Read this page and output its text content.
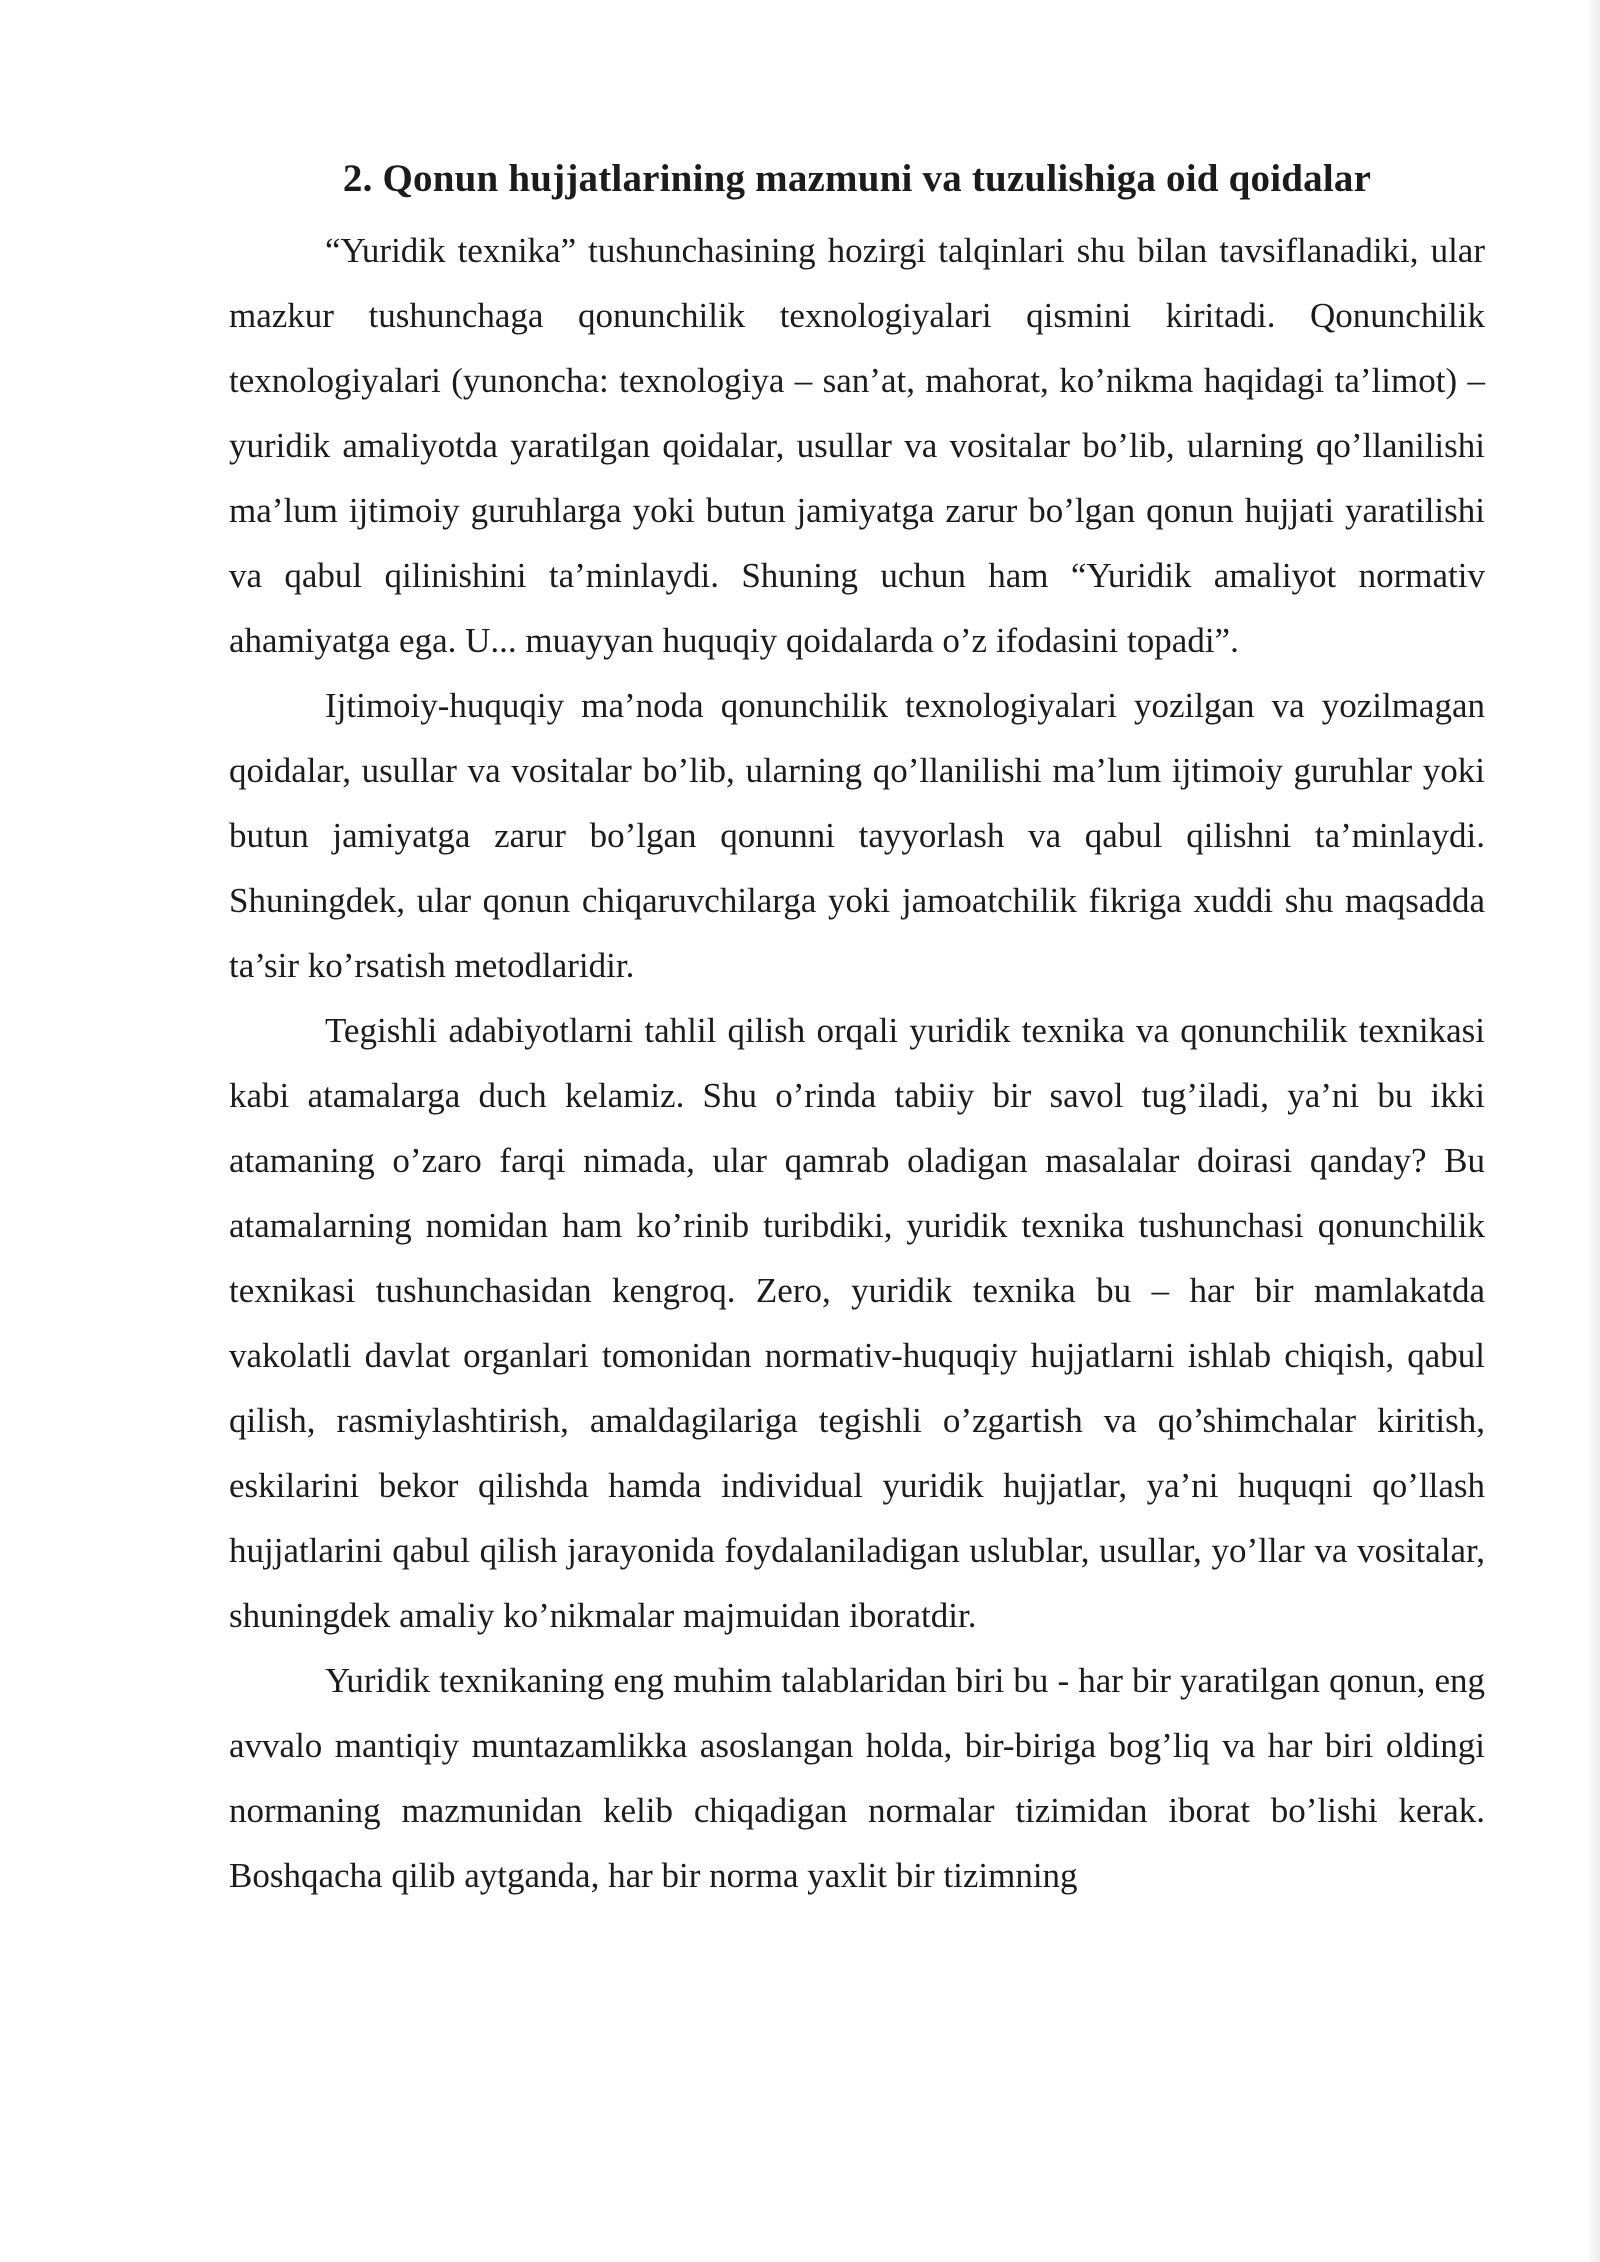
2. Qonun hujjatlarining mazmuni va tuzulishiga oid qoidalar

“Yuridik texnika” tushunchasining hozirgi talqinlari shu bilan tavsiflanadiki, ular mazkur tushunchaga qonunchilik texnologiyalari qismini kiritadi. Qonunchilik texnologiyalari (yunoncha: texnologiya – san’at, mahorat, ko’nikma haqidagi ta’limot) – yuridik amaliyotda yaratilgan qoidalar, usullar va vositalar bo’lib, ularning qo’llanilishi ma’lum ijtimoiy guruhlarga yoki butun jamiyatga zarur bo’lgan qonun hujjati yaratilishi va qabul qilinishini ta’minlaydi. Shuning uchun ham “Yuridik amaliyot normativ ahamiyatga ega. U... muayyan huquqiy qoidalarda o’z ifodasini topadi”.

Ijtimoiy-huquqiy ma’noda qonunchilik texnologiyalari yozilgan va yozilmagan qoidalar, usullar va vositalar bo’lib, ularning qo’llanilishi ma’lum ijtimoiy guruhlar yoki butun jamiyatga zarur bo’lgan qonunni tayyorlash va qabul qilishni ta’minlaydi. Shuningdek, ular qonun chiqaruvchilarga yoki jamoatchilik fikriga xuddi shu maqsadda ta’sir ko’rsatish metodlaridir.

Tegishli adabiyotlarni tahlil qilish orqali yuridik texnika va qonunchilik texnikasi kabi atamalarga duch kelamiz. Shu o’rinda tabiiy bir savol tug’iladi, ya’ni bu ikki atamaning o’zaro farqi nimada, ular qamrab oladigan masalalar doirasi qanday? Bu atamalarning nomidan ham ko’rinib turibdiki, yuridik texnika tushunchasi qonunchilik texnikasi tushunchasidan kengroq. Zero, yuridik texnika bu – har bir mamlakatda vakolatli davlat organlari tomonidan normativ-huquqiy hujjatlarni ishlab chiqish, qabul qilish, rasmiylashtirish, amaldagilariga tegishli o’zgartish va qo’shimchalar kiritish, eskilarini bekor qilishda hamda individual yuridik hujjatlar, ya’ni huquqni qo’llash hujjatlarini qabul qilish jarayonida foydalaniladigan uslublar, usullar, yo’llar va vositalar, shuningdek amaliy ko’nikmalar majmuidan iboratdir.

Yuridik texnikaning eng muhim talablaridan biri bu - har bir yaratilgan qonun, eng avvalo mantiqiy muntazamlikka asoslangan holda, bir-biriga bog’liq va har biri oldingi normaning mazmunidan kelib chiqadigan normalar tizimidan iborat bo’lishi kerak. Boshqacha qilib aytganda, har bir norma yaxlit bir tizimning
